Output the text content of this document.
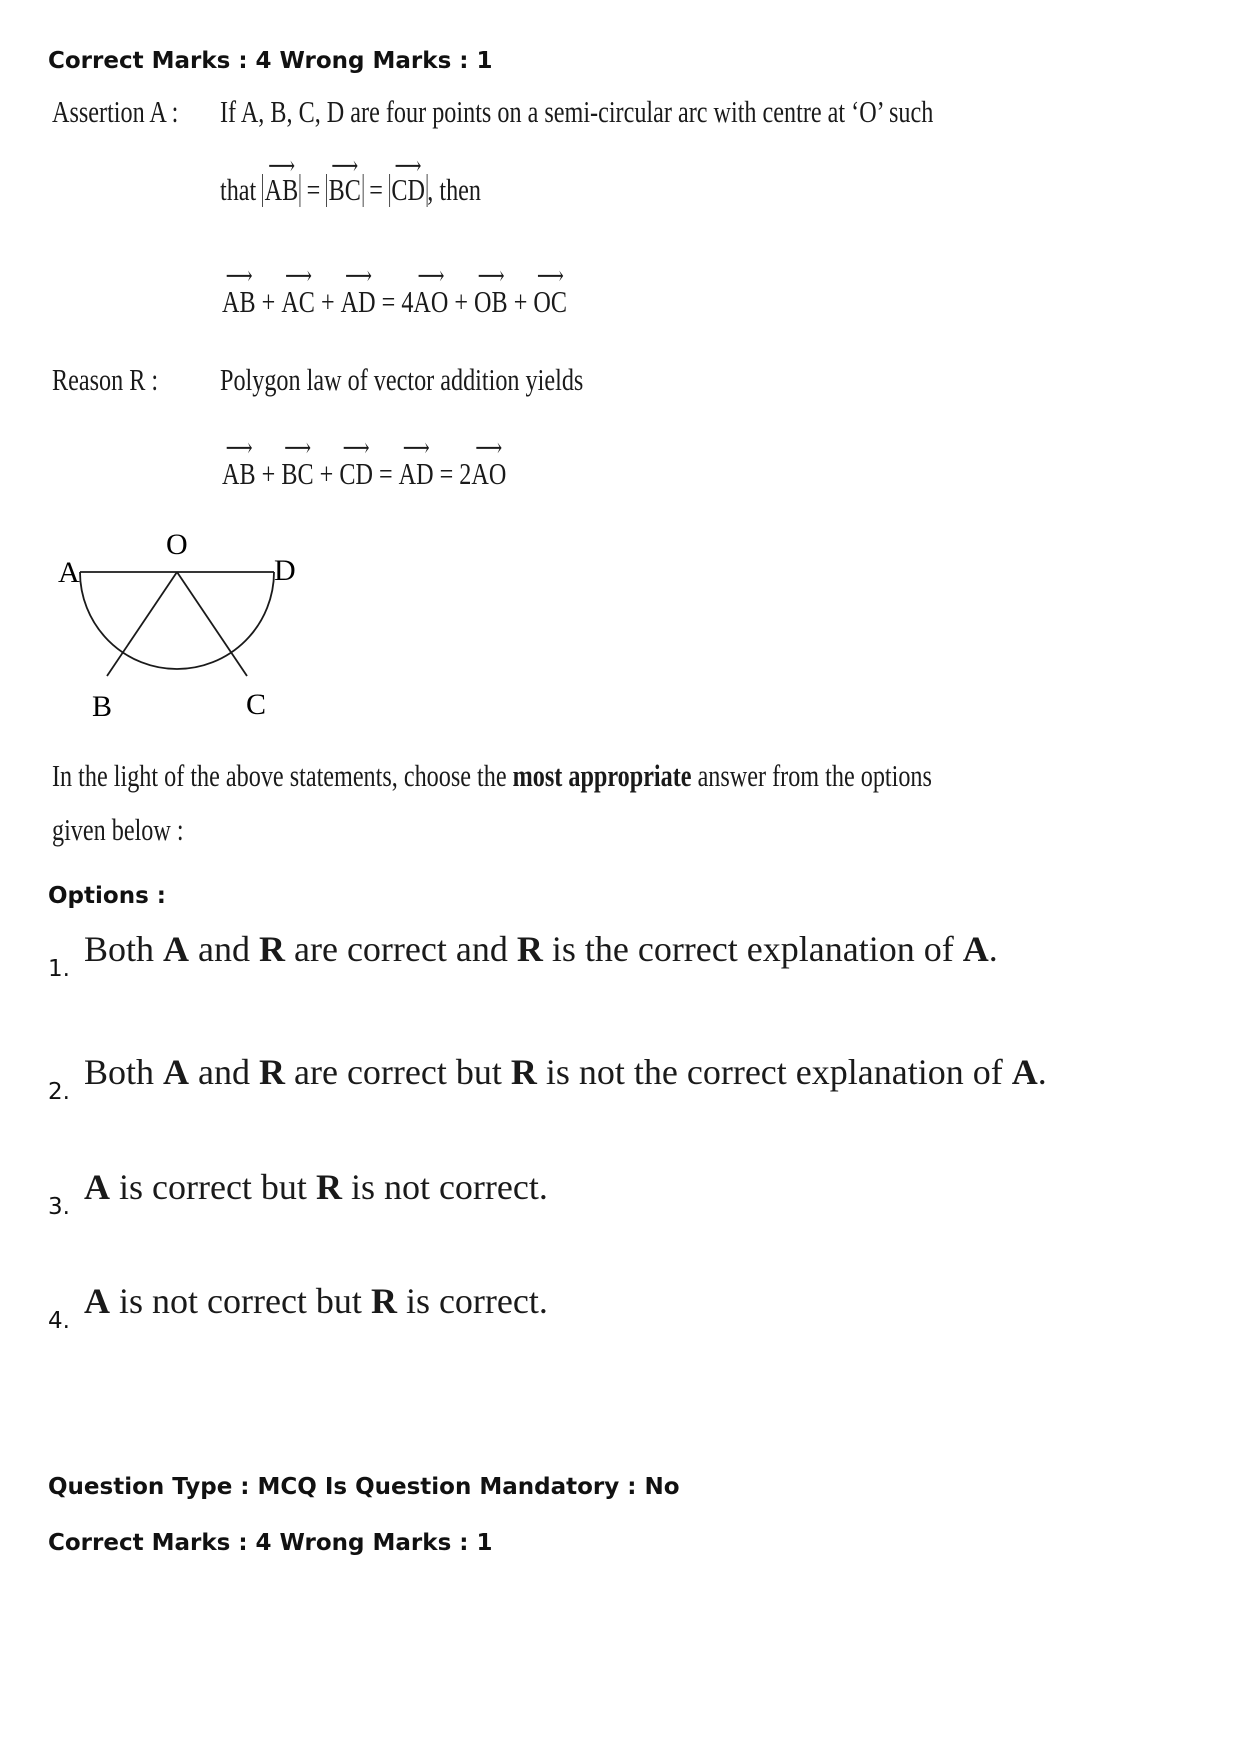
Correct Marks : 4 Wrong Marks : 1
Assertion A :	If A, B, C, D are four points on a semi-circular arc with centre at ‘O’ such
that ⟶ AB = ⟶ BC = ⟶ CD, then
⟶ AB + ⟶ AC + ⟶ AD = 4⟶ AO + ⟶ OB + ⟶ OC
Reason R :	Polygon law of vector addition yields
⟶ AB + ⟶ BC + ⟶ CD = ⟶ AD = 2⟶ AO
A
O
D
B	C
In the light of the above statements, choose the most appropriate answer from the options
given below :
Options :
1. Both A and R are correct and R is the correct explanation of A.
2. Both A and R are correct but R is not the correct explanation of A.
3. A is correct but R is not correct.
4. A is not correct but R is correct.
Question Type : MCQ Is Question Mandatory : No
Correct Marks : 4 Wrong Marks : 1
